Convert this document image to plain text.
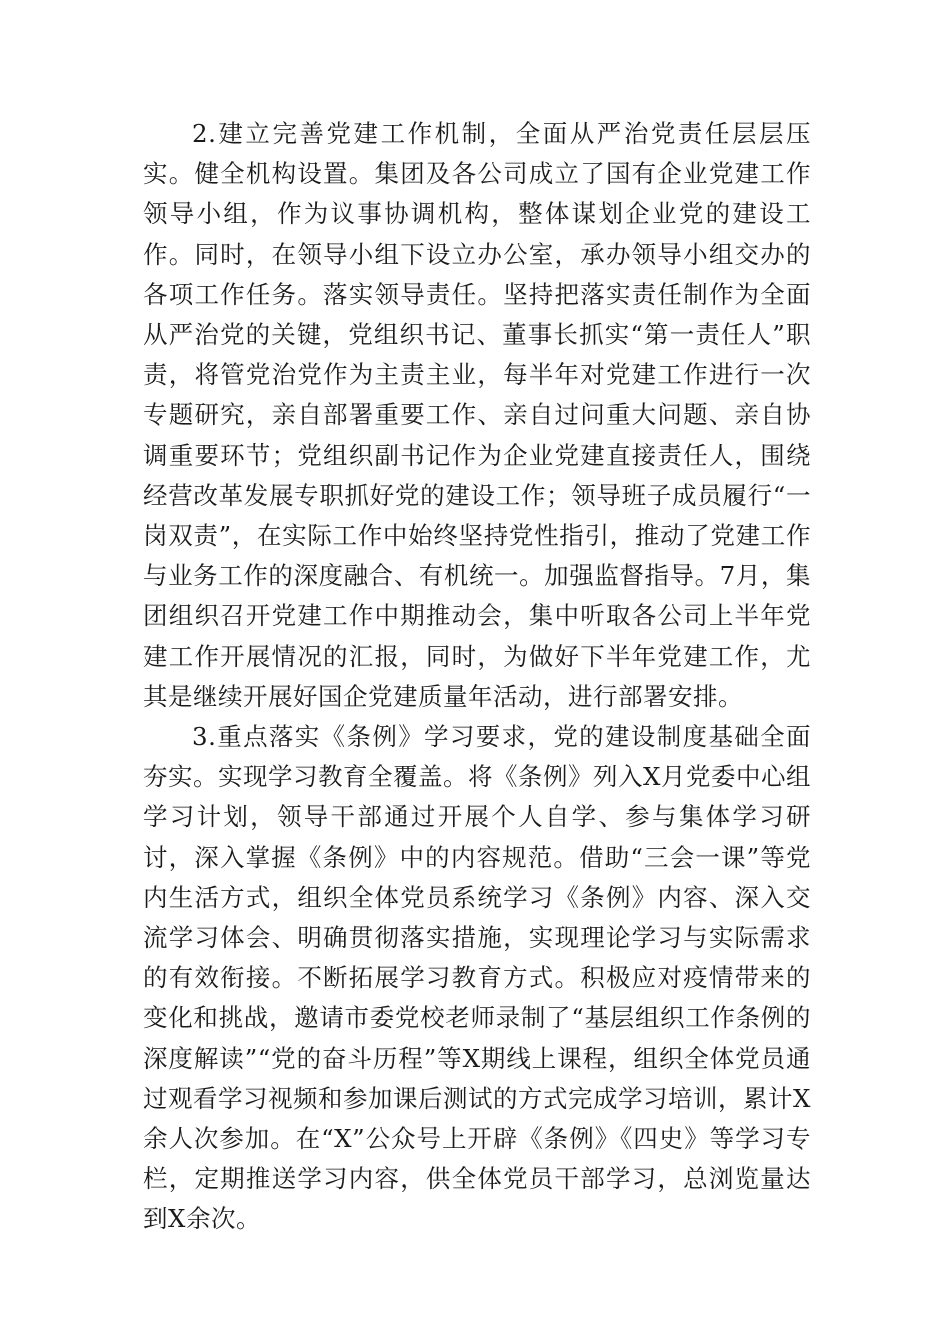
2.建立完善党建工作机制，全面从严治党责任层层压实。健全机构设置。集团及各公司成立了国有企业党建工作领导小组，作为议事协调机构，整体谋划企业党的建设工作。同时，在领导小组下设立办公室，承办领导小组交办的各项工作任务。落实领导责任。坚持把落实责任制作为全面从严治党的关键，党组织书记、董事长抓实“第一责任人”职责，将管党治党作为主责主业，每半年对党建工作进行一次专题研究，亲自部署重要工作、亲自过问重大问题、亲自协调重要环节；党组织副书记作为企业党建直接责任人，围绕经营改革发展专职抓好党的建设工作；领导班子成员履行“一岗双责”，在实际工作中始终坚持党性指引，推动了党建工作与业务工作的深度融合、有机统一。加强监督指导。7月，集团组织召开党建工作中期推动会，集中听取各公司上半年党建工作开展情况的汇报，同时，为做好下半年党建工作，尤其是继续开展好国企党建质量年活动，进行部署安排。

3.重点落实《条例》学习要求，党的建设制度基础全面夯实。实现学习教育全覆盖。将《条例》列入X月党委中心组学习计划，领导干部通过开展个人自学、参与集体学习研讨，深入掌握《条例》中的内容规范。借助“三会一课”等党内生活方式，组织全体党员系统学习《条例》内容、深入交流学习体会、明确贯彻落实措施，实现理论学习与实际需求的有效衔接。不断拓展学习教育方式。积极应对疫情带来的变化和挑战，邀请市委党校老师录制了“基层组织工作条例的深度解读”“党的奋斗历程”等X期线上课程，组织全体党员通过观看学习视频和参加课后测试的方式完成学习培训，累计X余人次参加。在“X”公众号上开辟《条例》《四史》等学习专栏，定期推送学习内容，供全体党员干部学习，总浏览量达到X余次。
